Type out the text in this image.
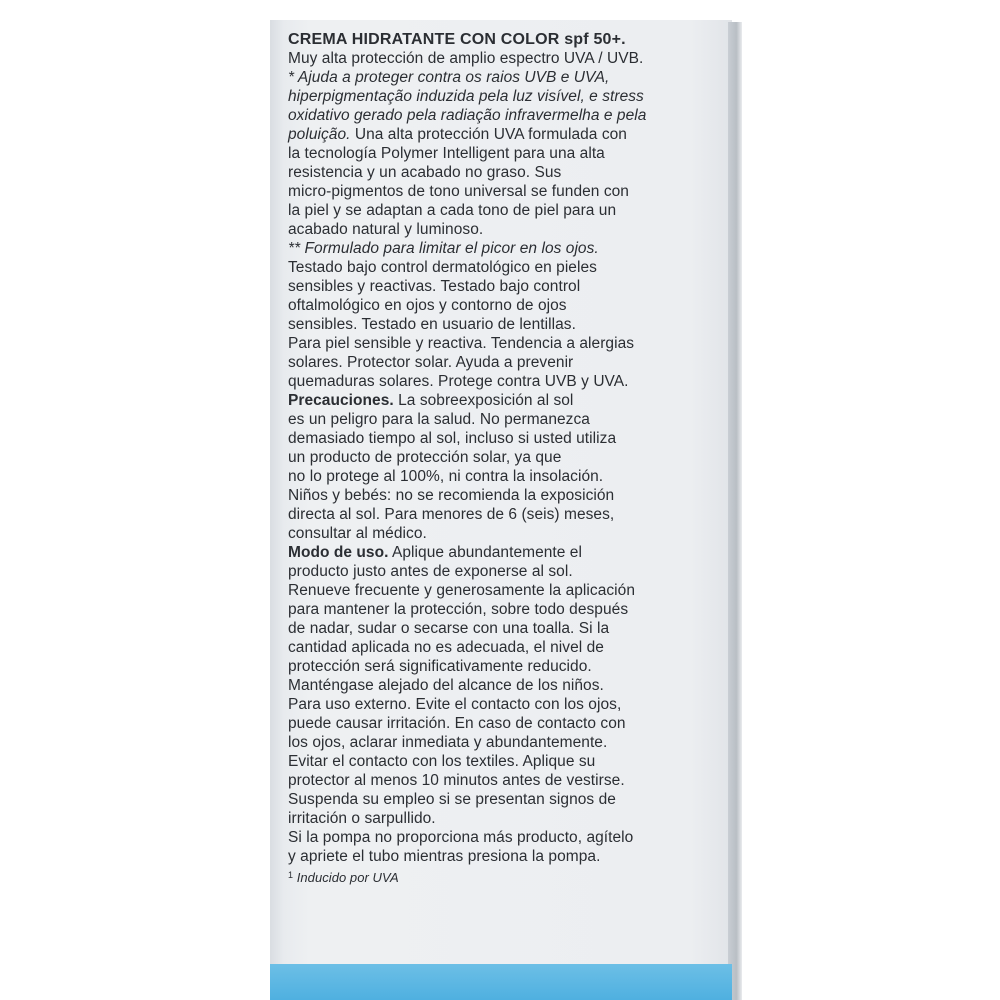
CREMA HIDRATANTE CON COLOR spf 50+.
Muy alta protección de amplio espectro UVA / UVB.
* Ajuda a proteger contra os raios UVB e UVA,
hiperpigmentação induzida pela luz visível, e stress
oxidativo gerado pela radiação infravermelha e pela
poluição. Una alta protección UVA formulada con
la tecnología Polymer Intelligent para una alta
resistencia y un acabado no graso. Sus
micro-pigmentos de tono universal se funden con
la piel y se adaptan a cada tono de piel para un
acabado natural y luminoso.
** Formulado para limitar el picor en los ojos.
Testado bajo control dermatológico en pieles
sensibles y reactivas. Testado bajo control
oftalmológico en ojos y contorno de ojos
sensibles. Testado en usuario de lentillas.
Para piel sensible y reactiva. Tendencia a alergias
solares. Protector solar. Ayuda a prevenir
quemaduras solares. Protege contra UVB y UVA.
Precauciones. La sobreexposición al sol
es un peligro para la salud. No permanezca
demasiado tiempo al sol, incluso si usted utiliza
un producto de protección solar, ya que
no lo protege al 100%, ni contra la insolación.
Niños y bebés: no se recomienda la exposición
directa al sol. Para menores de 6 (seis) meses,
consultar al médico.
Modo de uso. Aplique abundantemente el
producto justo antes de exponerse al sol.
Renueve frecuente y generosamente la aplicación
para mantener la protección, sobre todo después
de nadar, sudar o secarse con una toalla. Si la
cantidad aplicada no es adecuada, el nivel de
protección será significativamente reducido.
Manténgase alejado del alcance de los niños.
Para uso externo. Evite el contacto con los ojos,
puede causar irritación. En caso de contacto con
los ojos, aclarar inmediata y abundantemente.
Evitar el contacto con los textiles. Aplique su
protector al menos 10 minutos antes de vestirse.
Suspenda su empleo si se presentan signos de
irritación o sarpullido.
Si la pompa no proporciona más producto, agítelo
y apriete el tubo mientras presiona la pompa.
$^1$ Inducido por UVA
